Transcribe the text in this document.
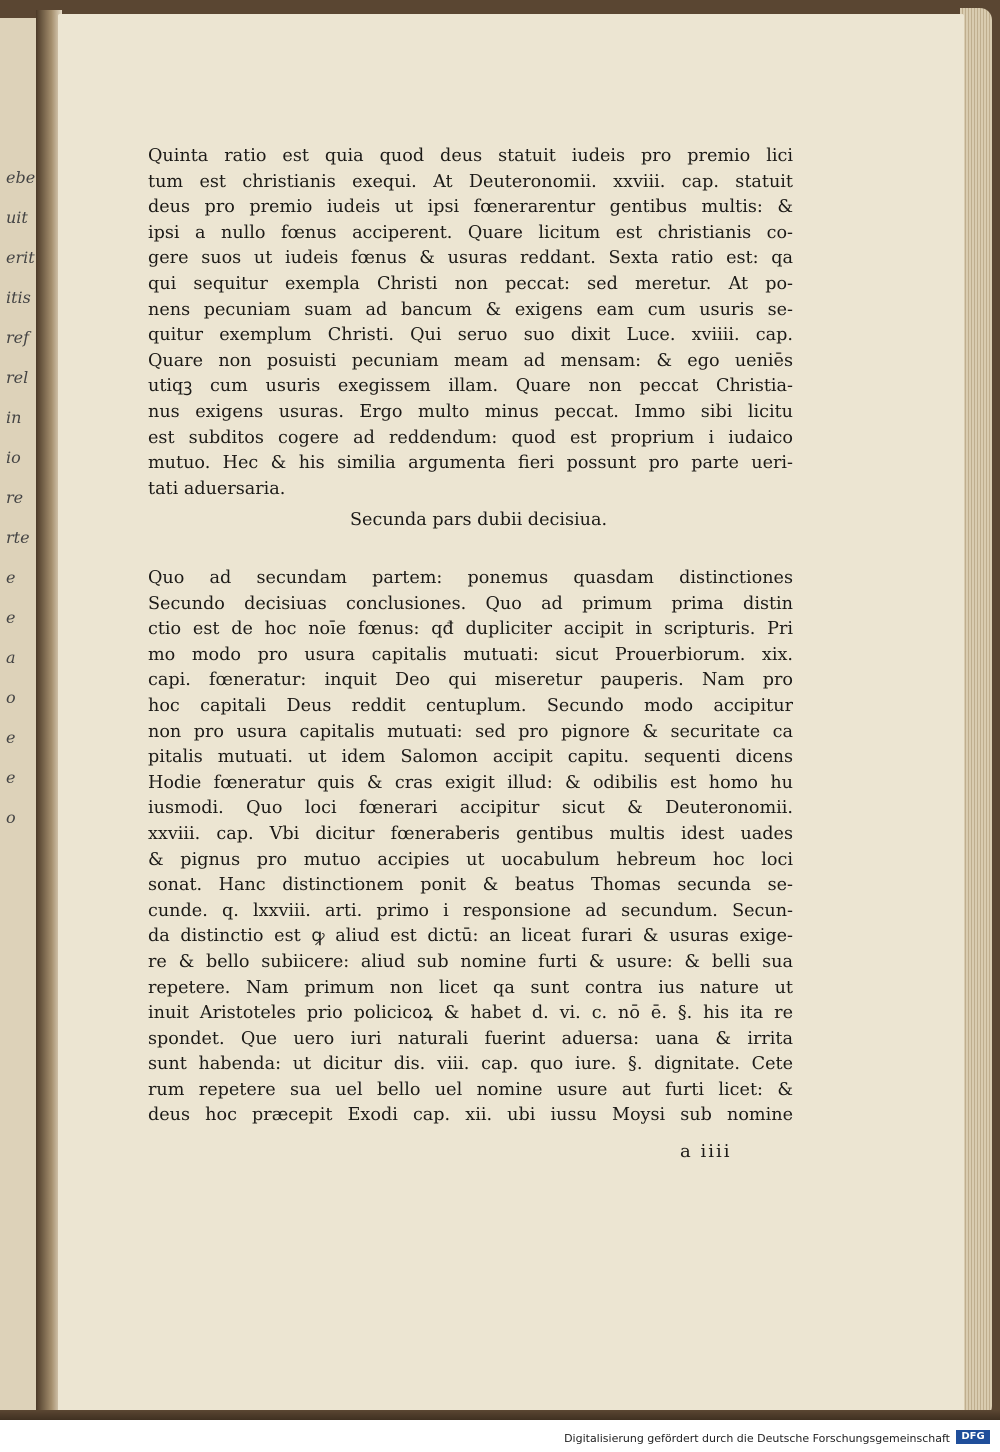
ebe
uit
erit
itis
ref
rel
in
io
re
rte
e
e
a
o
e
e
o
Quinta ratio est quia quod deus statuit iudeis pro premio lici
tum est christianis exequi. At Deuteronomii. xxviii. cap. statuit
deus pro premio iudeis ut ipsi fœnerarentur gentibus multis: &
ipsi a nullo fœnus acciperent. Quare licitum est christianis co-
gere suos ut iudeis fœnus & usuras reddant. Sexta ratio est: qa
qui sequitur exempla Christi non peccat: sed meretur. At po-
nens pecuniam suam ad bancum & exigens eam cum usuris se-
quitur exemplum Christi. Qui seruo suo dixit Luce. xviiii. cap.
Quare non posuisti pecuniam meam ad mensam: & ego ueniēs
utiqꝫ cum usuris exegissem illam. Quare non peccat Christia-
nus exigens usuras. Ergo multo minus peccat. Immo sibi licitu
est subditos cogere ad reddendum: quod est proprium i iudaico
mutuo. Hec & his similia argumenta fieri possunt pro parte ueri-
tati aduersaria.
Secunda pars dubii decisiua.
Quo ad secundam partem: ponemus quasdam distinctiones
Secundo decisiuas conclusiones. Quo ad primum prima distin
ctio est de hoc noīe fœnus: qđ dupliciter accipit in scripturis. Pri
mo modo pro usura capitalis mutuati: sicut Prouerbiorum. xix.
capi. fœneratur: inquit Deo qui miseretur pauperis. Nam pro
hoc capitali Deus reddit centuplum. Secundo modo accipitur
non pro usura capitalis mutuati: sed pro pignore & securitate ca
pitalis mutuati. ut idem Salomon accipit capitu. sequenti dicens
Hodie fœneratur quis & cras exigit illud: & odibilis est homo hu
iusmodi. Quo loci fœnerari accipitur sicut & Deuteronomii.
xxviii. cap. Vbi dicitur fœneraberis gentibus multis idest uades
& pignus pro mutuo accipies ut uocabulum hebreum hoc loci
sonat. Hanc distinctionem ponit & beatus Thomas secunda se-
cunde. q. lxxviii. arti. primo i responsione ad secundum. Secun-
da distinctio est ꝙ aliud est dictū: an liceat furari & usuras exige-
re & bello subiicere: aliud sub nomine furti & usure: & belli sua
repetere. Nam primum non licet qa sunt contra ius nature ut
inuit Aristoteles prio policicoꝝ & habet d. vi. c. nō ē. §. his ita re
spondet. Que uero iuri naturali fuerint aduersa: uana & irrita
sunt habenda: ut dicitur dis. viii. cap. quo iure. §. dignitate. Cete
rum repetere sua uel bello uel nomine usure aut furti licet: &
deus hoc præcepit Exodi cap. xii. ubi iussu Moysi sub nomine
a iiii
Digitalisierung gefördert durch die Deutsche Forschungsgemeinschaft	DFG
